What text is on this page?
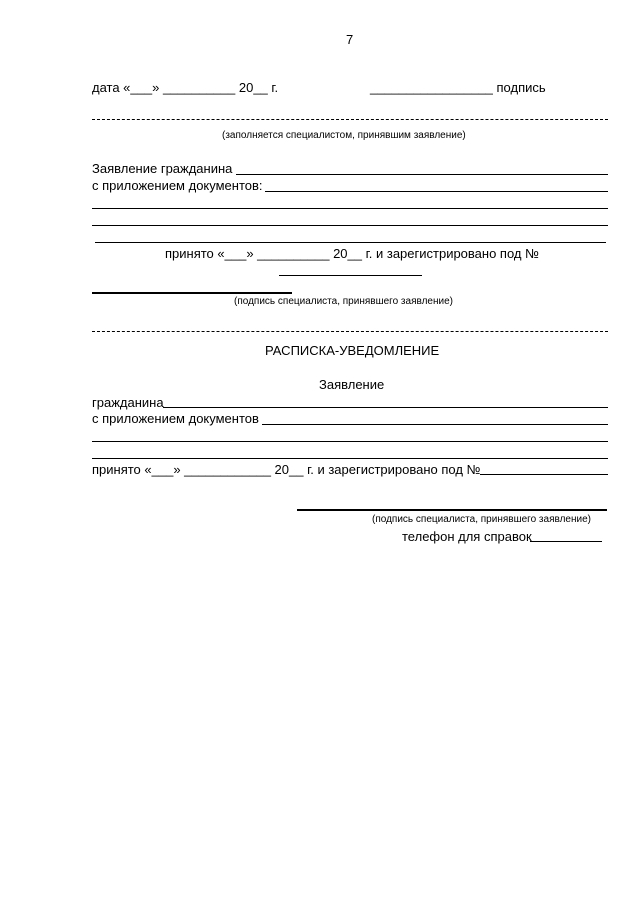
7
дата «___» __________ 20__ г.	_________________ подпись
(заполняется специалистом, принявшим заявление)
Заявление гражданина
с приложением документов:
принято «___» __________ 20__ г. и зарегистрировано под №
(подпись специалиста, принявшего заявление)
РАСПИСКА-УВЕДОМЛЕНИЕ
Заявление
гражданина
с приложением документов
принято «___» ____________ 20__ г. и зарегистрировано под №
(подпись специалиста, принявшего заявление)
телефон для справок
